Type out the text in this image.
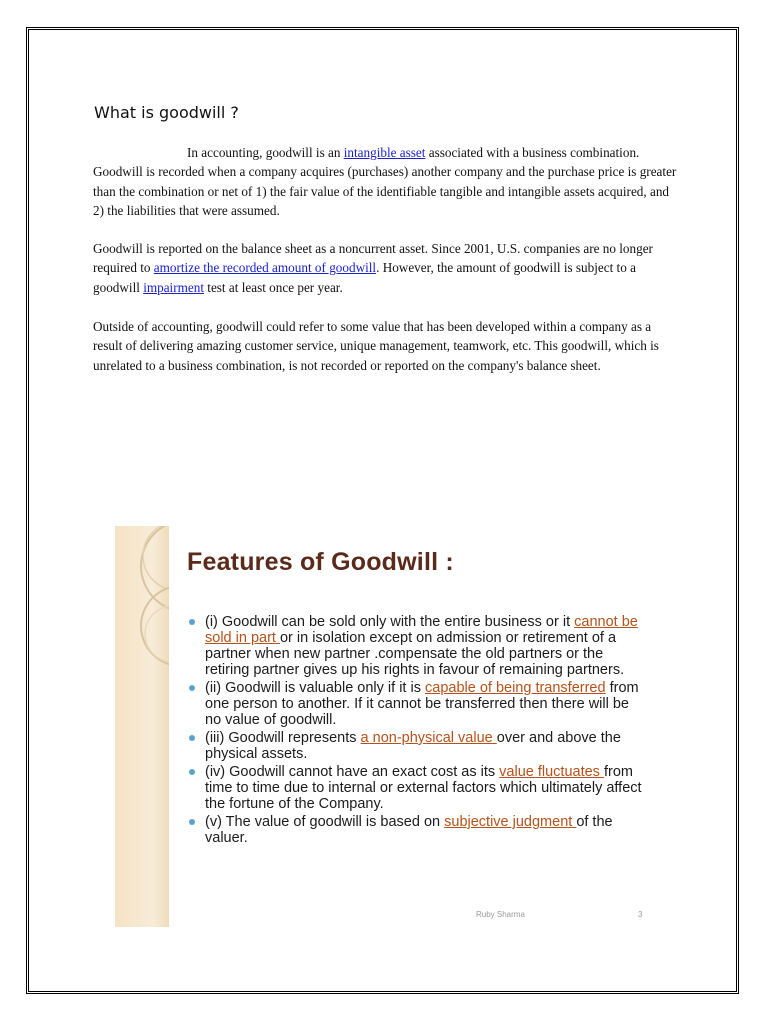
What is goodwill ?

In accounting, goodwill is an intangible asset associated with a business combination. Goodwill is recorded when a company acquires (purchases) another company and the purchase price is greater than the combination or net of 1) the fair value of the identifiable tangible and intangible assets acquired, and 2) the liabilities that were assumed.

Goodwill is reported on the balance sheet as a noncurrent asset. Since 2001, U.S. companies are no longer required to amortize the recorded amount of goodwill. However, the amount of goodwill is subject to a goodwill impairment test at least once per year.

Outside of accounting, goodwill could refer to some value that has been developed within a company as a result of delivering amazing customer service, unique management, teamwork, etc. This goodwill, which is unrelated to a business combination, is not recorded or reported on the company's balance sheet.

Features of Goodwill :
(i) Goodwill can be sold only with the entire business or it cannot be sold in part or in isolation except on admission or retirement of a partner when new partner .compensate the old partners or the retiring partner gives up his rights in favour of remaining partners.
(ii) Goodwill is valuable only if it is capable of being transferred from one person to another. If it cannot be transferred then there will be no value of goodwill.
(iii) Goodwill represents a non-physical value over and above the physical assets.
(iv) Goodwill cannot have an exact cost as its value fluctuates from time to time due to internal or external factors which ultimately affect the fortune of the Company.
(v) The value of goodwill is based on subjective judgment of the valuer.
Ruby Sharma	3
